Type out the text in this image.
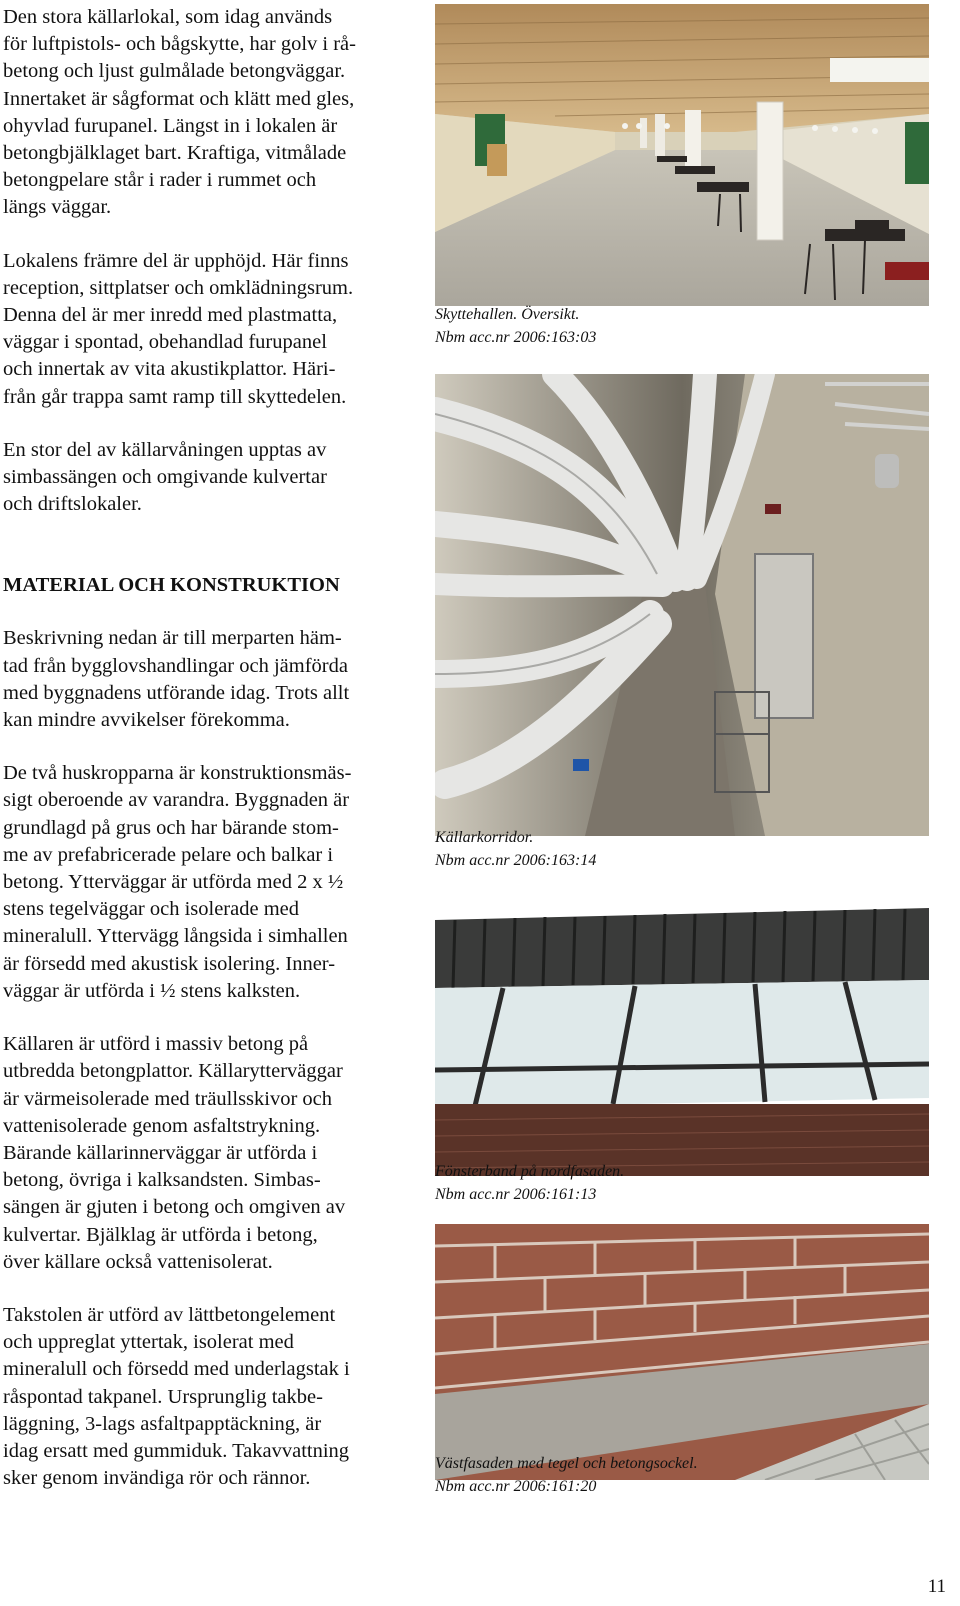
Den stora källarlokal, som idag används
för luftpistols- och bågskytte, har golv i rå-
betong och ljust gulmålade betongväggar.
Innertaket är sågformat och klätt med gles,
ohyvlad furupanel. Längst in i lokalen är
betongbjälklaget bart. Kraftiga, vitmålade
betongpelare står i rader i rummet och
längs väggar.

Lokalens främre del är upphöjd. Här finns
reception, sittplatser och omklädningsrum.
Denna del är mer inredd med plastmatta,
väggar i spontad, obehandlad furupanel
och innertak av vita akustikplattor. Häri-
från går trappa samt ramp till skyttedelen.

En stor del av källarvåningen upptas av
simbassängen och omgivande kulvertar
och driftslokaler.

MATERIAL OCH KONSTRUKTION

Beskrivning nedan är till merparten häm-
tad från bygglovshandlingar och jämförda
med byggnadens utförande idag. Trots allt
kan mindre avvikelser förekomma.

De två huskropparna är konstruktionsmäs-
sigt oberoende av varandra. Byggnaden är
grundlagd på grus och har bärande stom-
me av prefabricerade pelare och balkar i
betong. Ytterväggar är utförda med 2 x ½
stens tegelväggar och isolerade med
mineralull. Yttervägg långsida i simhallen
är försedd med akustisk isolering. Inner-
väggar är utförda i ½ stens kalksten.

Källaren är utförd i massiv betong på
utbredda betongplattor. Källarytterväggar
är värmeisolerade med träullsskivor och
vattenisolerade genom asfaltstrykning.
Bärande källarinnerväggar är utförda i
betong, övriga i kalksandsten. Simbas-
sängen är gjuten i betong och omgiven av
kulvertar. Bjälklag är utförda i betong,
över källare också vattenisolerat.

Takstolen är utförd av lättbetongelement
och uppreglat yttertak, isolerat med
mineralull och försedd med underlagstak i
råspontad takpanel. Ursprunglig takbe-
läggning, 3-lags asfaltpapptäckning, är
idag ersatt med gummiduk. Takavvattning
sker genom invändiga rör och rännor.

Skyttehallen. Översikt.
Nbm acc.nr 2006:163:03
Källarkorridor.
Nbm acc.nr 2006:163:14
Fönsterband på nordfasaden.
Nbm acc.nr 2006:161:13
Västfasaden med tegel och betongsockel.
Nbm acc.nr 2006:161:20
11
